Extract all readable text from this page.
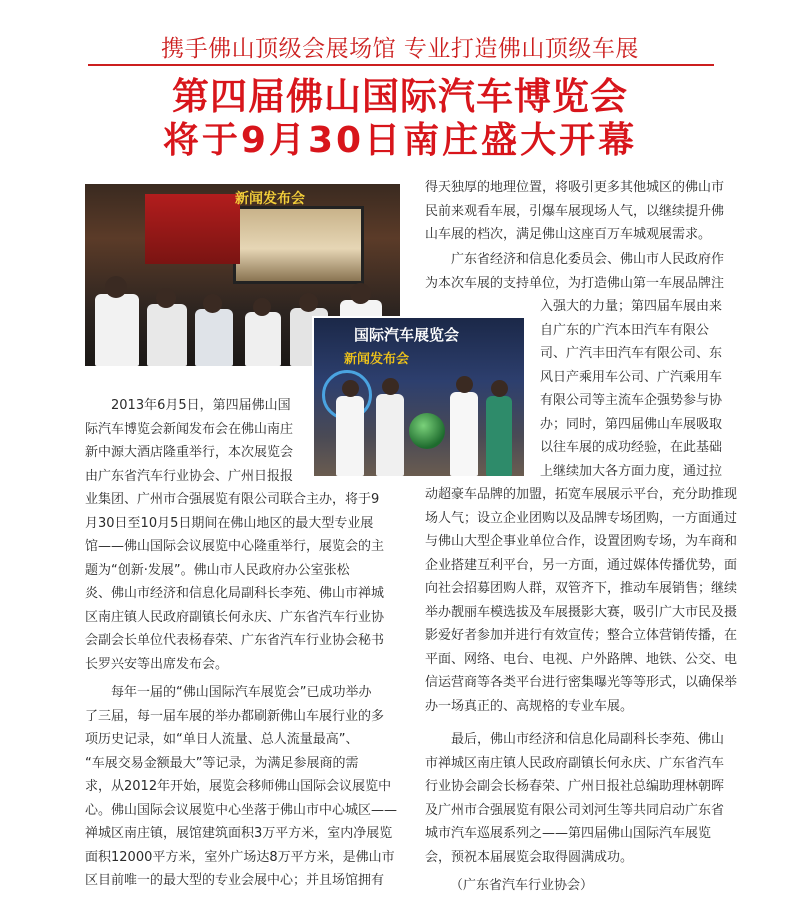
携手佛山顶级会展场馆 专业打造佛山顶级车展
第四届佛山国际汽车博览会
将于9月30日南庄盛大开幕
新闻发布会
国际汽车展览会
新闻发布会

2013年6月5日，第四届佛山国
际汽车博览会新闻发布会在佛山南庄
新中源大酒店隆重举行，本次展览会
由广东省汽车行业协会、广州日报报

业集团、广州市合强展览有限公司联合主办，将于9
月30日至10月5日期间在佛山地区的最大型专业展
馆——佛山国际会议展览中心隆重举行，展览会的主
题为“创新·发展”。佛山市人民政府办公室张松
炎、佛山市经济和信息化局副科长李苑、佛山市禅城
区南庄镇人民政府副镇长何永庆、广东省汽车行业协
会副会长单位代表杨春荣、广东省汽车行业协会秘书
长罗兴安等出席发布会。

每年一届的“佛山国际汽车展览会”已成功举办
了三届，每一届车展的举办都刷新佛山车展行业的多
项历史记录，如“单日人流量、总人流量最高”、
“车展交易金额最大”等记录，为满足参展商的需
求，从2012年开始，展览会移师佛山国际会议展览中
心。佛山国际会议展览中心坐落于佛山市中心城区——
禅城区南庄镇，展馆建筑面积3万平方米，室内净展览
面积12000平方米，室外广场达8万平方米，是佛山市
区目前唯一的最大型的专业会展中心；并且场馆拥有

得天独厚的地理位置，将吸引更多其他城区的佛山市
民前来观看车展，引爆车展现场人气，以继续提升佛
山车展的档次，满足佛山这座百万车城观展需求。

广东省经济和信息化委员会、佛山市人民政府作
为本次车展的支持单位，为打造佛山第一车展品牌注

入强大的力量；第四届车展由来
自广东的广汽本田汽车有限公
司、广汽丰田汽车有限公司、东
风日产乘用车公司、广汽乘用车
有限公司等主流车企强势参与协
办；同时，第四届佛山车展吸取
以往车展的成功经验，在此基础
上继续加大各方面力度，通过拉

动超豪车品牌的加盟，拓宽车展展示平台，充分助推现
场人气；设立企业团购以及品牌专场团购，一方面通过
与佛山大型企事业单位合作，设置团购专场，为车商和
企业搭建互利平台，另一方面，通过媒体传播优势，面
向社会招募团购人群，双管齐下，推动车展销售；继续
举办靓丽车模选拔及车展摄影大赛，吸引广大市民及摄
影爱好者参加并进行有效宣传；整合立体营销传播，在
平面、网络、电台、电视、户外路牌、地铁、公交、电
信运营商等各类平台进行密集曝光等等形式，以确保举
办一场真正的、高规格的专业车展。

最后，佛山市经济和信息化局副科长李苑、佛山
市禅城区南庄镇人民政府副镇长何永庆、广东省汽车
行业协会副会长杨春荣、广州日报社总编助理林朝晖
及广州市合强展览有限公司刘河生等共同启动广东省
城市汽车巡展系列之——第四届佛山国际汽车展览
会，预祝本届展览会取得圆满成功。

（广东省汽车行业协会）
